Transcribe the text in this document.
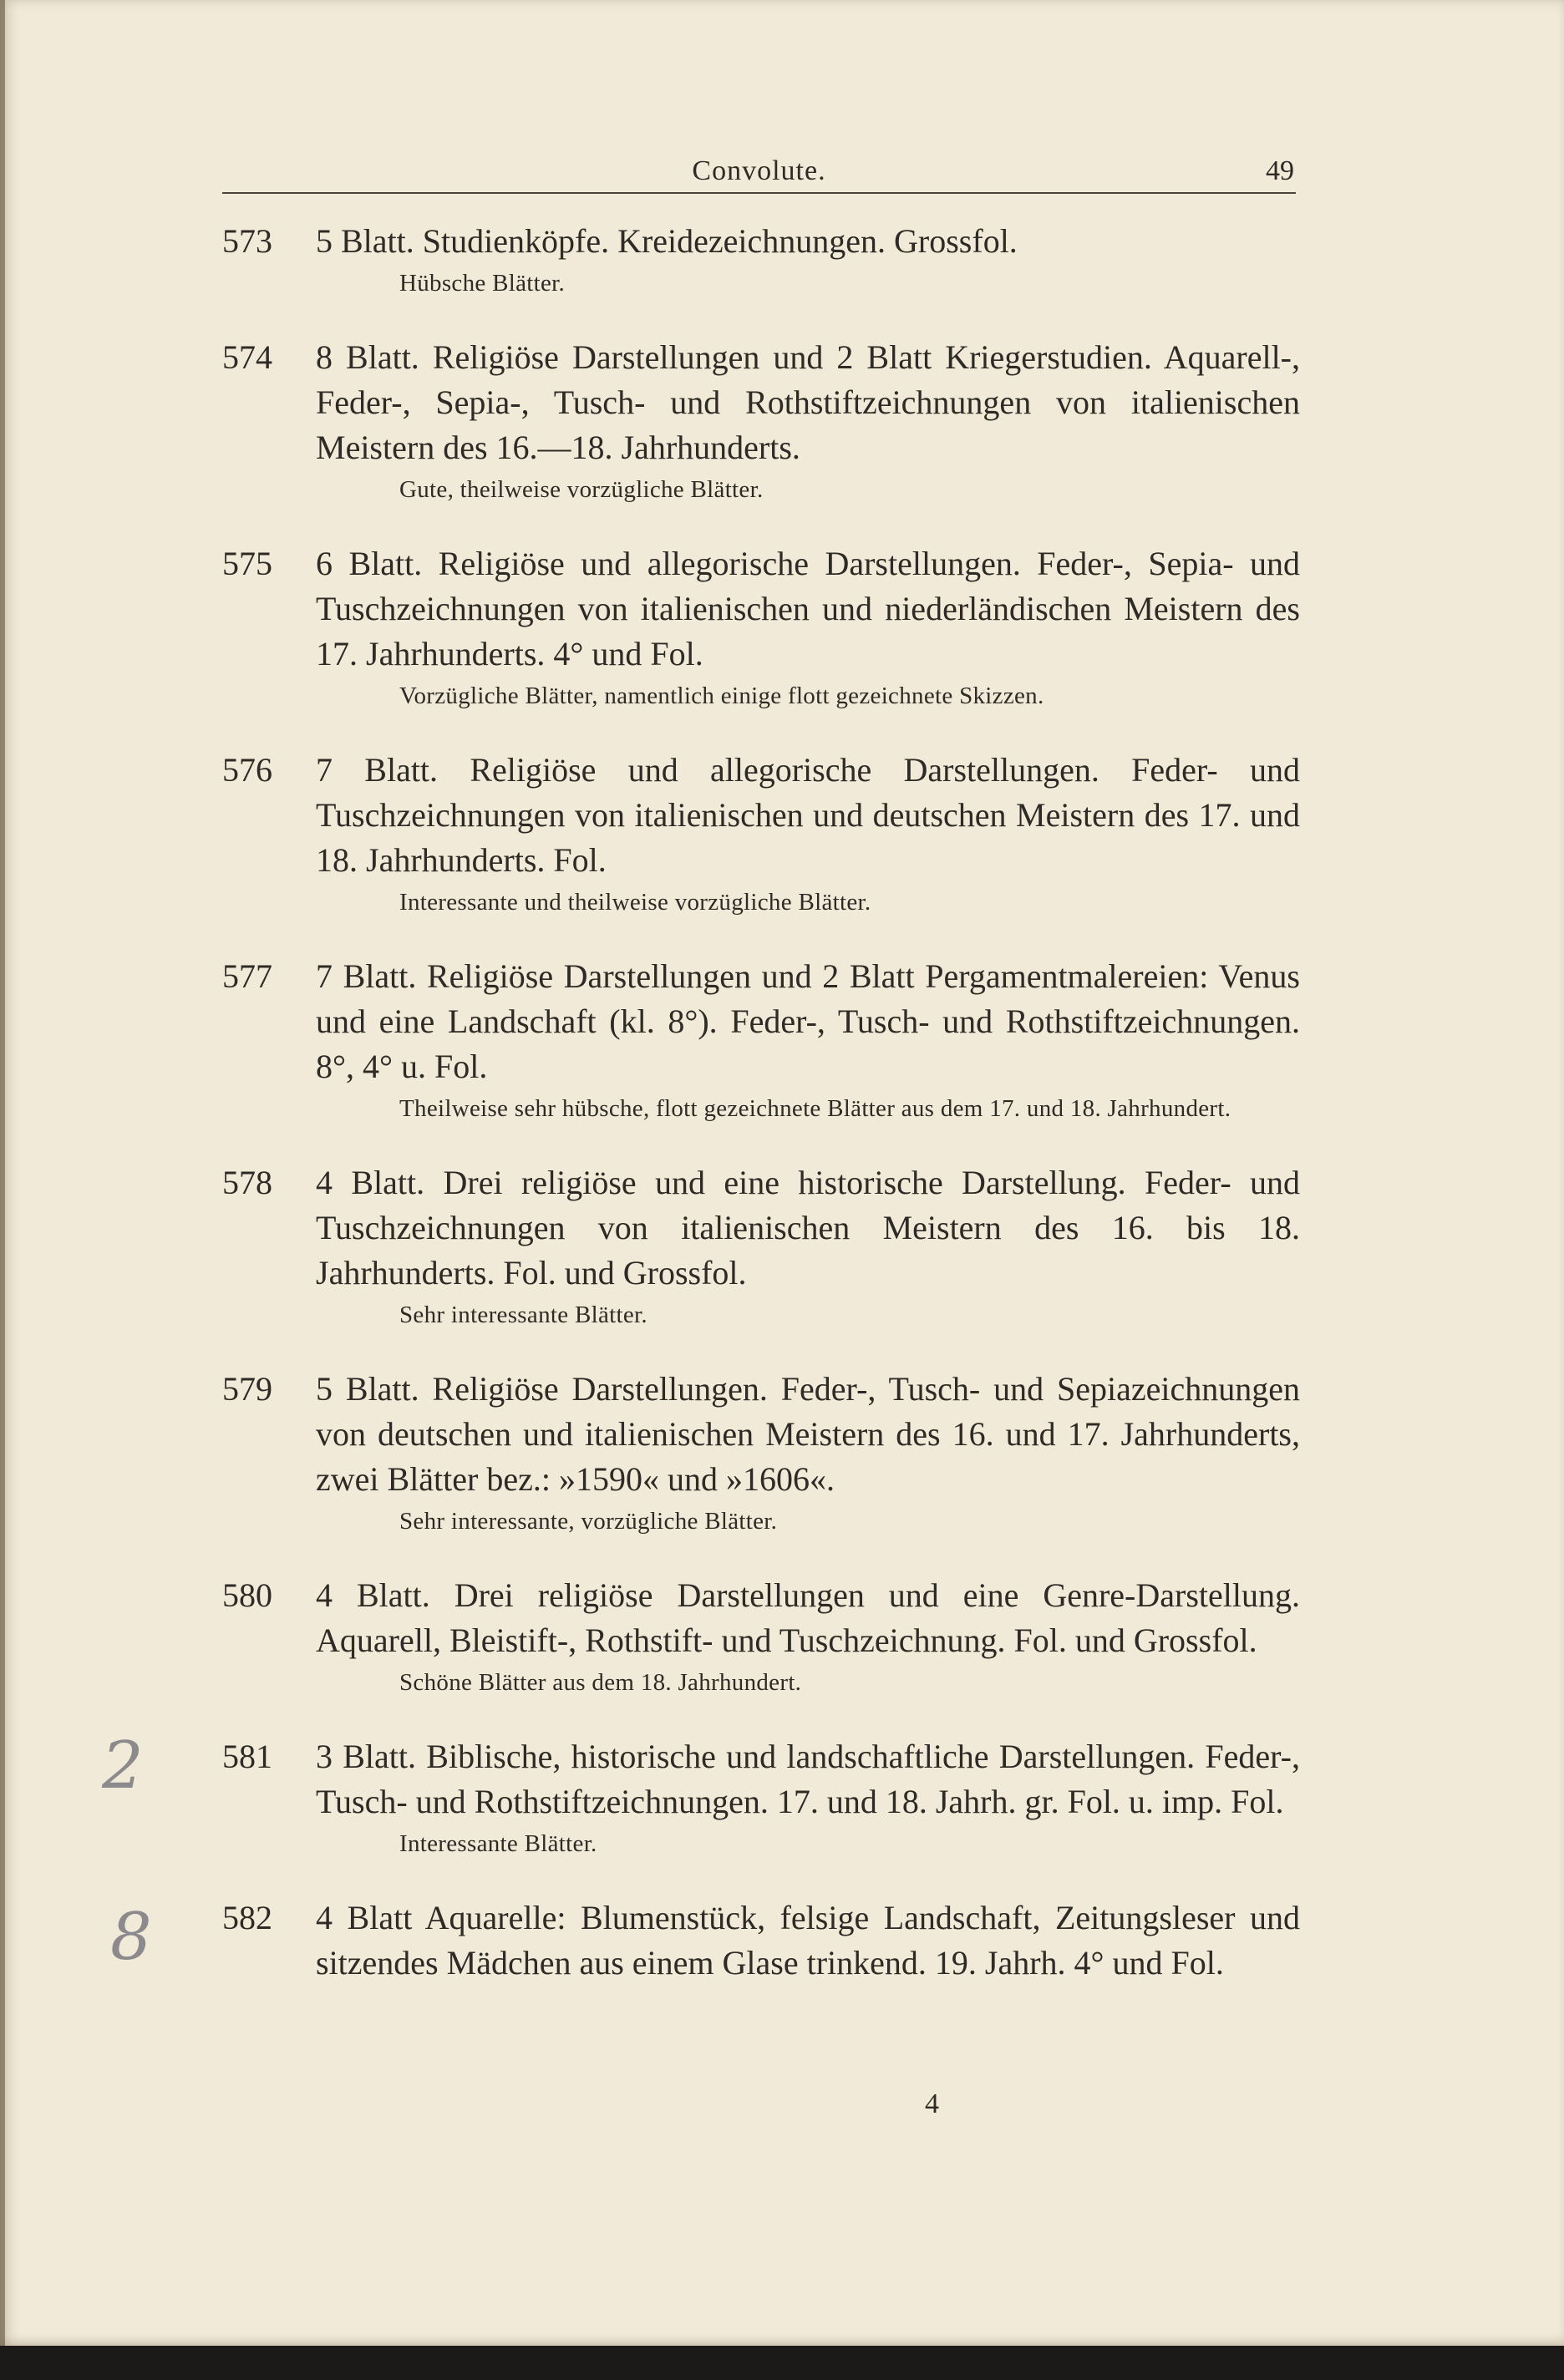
2
8
Convolute.	49
573 5 Blatt. Studienköpfe. Kreidezeichnungen. Grossfol.
Hübsche Blätter.
574 8 Blatt. Religiöse Darstellungen und 2 Blatt Kriegerstudien. Aquarell-, Feder-, Sepia-, Tusch- und Rothstiftzeichnungen von italienischen Meistern des 16.—18. Jahrhunderts.
Gute, theilweise vorzügliche Blätter.
575 6 Blatt. Religiöse und allegorische Darstellungen. Feder-, Sepia- und Tuschzeichnungen von italienischen und niederländischen Meistern des 17. Jahrhunderts. 4° und Fol.
Vorzügliche Blätter, namentlich einige flott gezeichnete Skizzen.
576 7 Blatt. Religiöse und allegorische Darstellungen. Feder- und Tuschzeichnungen von italienischen und deutschen Meistern des 17. und 18. Jahrhunderts. Fol.
Interessante und theilweise vorzügliche Blätter.
577 7 Blatt. Religiöse Darstellungen und 2 Blatt Pergamentmalereien: Venus und eine Landschaft (kl. 8°). Feder-, Tusch- und Rothstiftzeichnungen. 8°, 4° u. Fol.
Theilweise sehr hübsche, flott gezeichnete Blätter aus dem 17. und 18. Jahrhundert.
578 4 Blatt. Drei religiöse und eine historische Darstellung. Feder- und Tuschzeichnungen von italienischen Meistern des 16. bis 18. Jahrhunderts. Fol. und Grossfol.
Sehr interessante Blätter.
579 5 Blatt. Religiöse Darstellungen. Feder-, Tusch- und Sepiazeichnungen von deutschen und italienischen Meistern des 16. und 17. Jahrhunderts, zwei Blätter bez.: »1590« und »1606«.
Sehr interessante, vorzügliche Blätter.
580 4 Blatt. Drei religiöse Darstellungen und eine Genre-Darstellung. Aquarell, Bleistift-, Rothstift- und Tuschzeichnung. Fol. und Grossfol.
Schöne Blätter aus dem 18. Jahrhundert.
581 3 Blatt. Biblische, historische und landschaftliche Darstellungen. Feder-, Tusch- und Rothstiftzeichnungen. 17. und 18. Jahrh. gr. Fol. u. imp. Fol.
Interessante Blätter.
582 4 Blatt Aquarelle: Blumenstück, felsige Landschaft, Zeitungsleser und sitzendes Mädchen aus einem Glase trinkend. 19. Jahrh. 4° und Fol.
4
